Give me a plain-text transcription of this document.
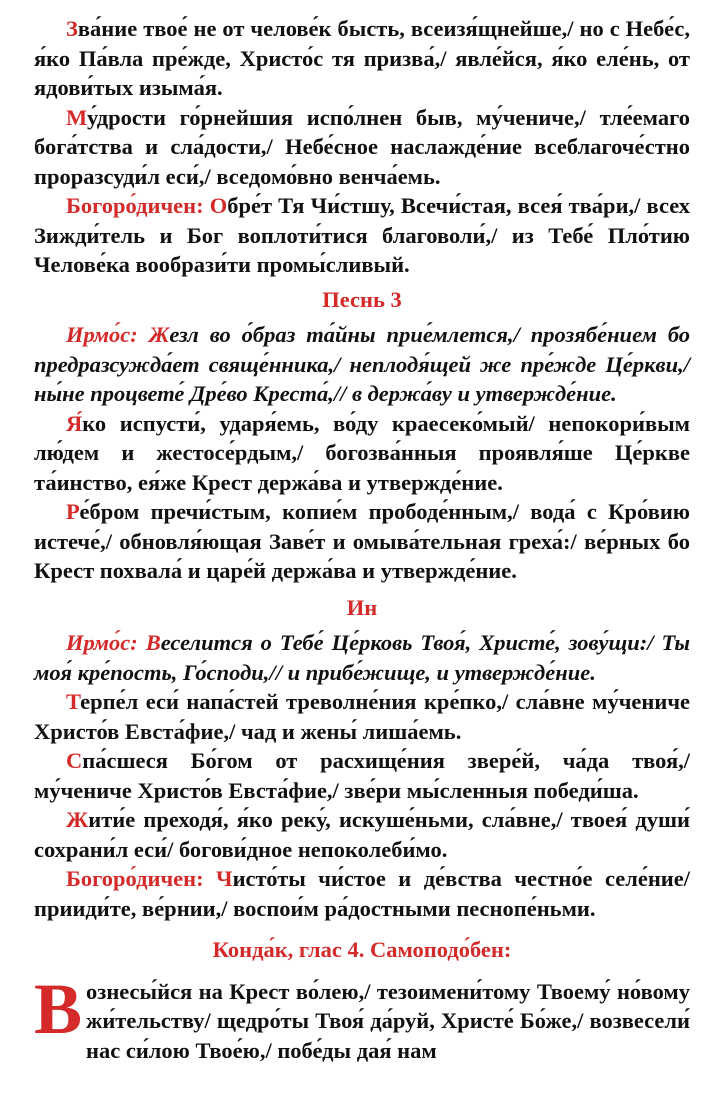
Зва́ние твое́ не от челове́к бысть, всеизя́щнейше,/ но с Небе́с, я́ко Па́вла пре́жде, Христо́с тя призва́,/ явле́йся, я́ко еле́нь, от ядови́тых изыма́я.

Му́дрости го́рнейшия испо́лнен быв, му́чениче,/ тле́емаго бога́тства и сла́дости,/ Небе́сное наслажде́ние всеблагоче́стно проразсуди́л еси́,/ вседомо́вно венча́емь.

Богоро́дичен: Обре́т Тя Чи́стшу, Всечи́стая, всея́ тва́ри,/ всех Зижди́тель и Бог воплоти́тися благоволи́,/ из Тебе́ Пло́тию Челове́ка вообрази́ти промы́сливый.

Песнь 3

Ирмо́с: Жезл во о́браз та́йны прие́млется,/ прозябе́нием бо предразсужда́ет свяще́нника,/ неплодя́щей же пре́жде Це́ркви,/ ны́не процвете́ Дре́во Креста́,// в держа́ву и утвержде́ние.

Я́ко испусти́, ударя́емь, во́ду краесеко́мый/ непокори́вым лю́дем и жестосе́рдым,/ богозва́нныя проявля́ше Це́ркве та́инство, ея́же Крест держа́ва и утвержде́ние.

Ре́бром пречи́стым, копие́м прободе́нным,/ вода́ с Кро́вию истече́,/ обновля́ющая Заве́т и омыва́тельная греха́:/ ве́рных бо Крест похвала́ и царе́й держа́ва и утвержде́ние.

Ин

Ирмо́с: Веселится о Тебе́ Це́рковь Твоя́, Христе́, зову́щи:/ Ты моя́ кре́пость, Го́споди,// и прибе́жище, и утвержде́ние.

Терпе́л еси́ напа́стей треволне́ния кре́пко,/ сла́вне му́чениче Христо́в Евста́фие,/ чад и жены́ лиша́емь.

Спа́сшеся Бо́гом от расхище́ния звере́й, ча́да твоя́,/ му́чениче Христо́в Евста́фие,/ зве́ри мы́сленныя победи́ша.

Жити́е преходя́, я́ко реку́, искуше́ньми, сла́вне,/ твоея́ души́ сохрани́л еси́/ богови́дное непоколеби́мо.

Богоро́дичен: Чисто́ты чи́стое и де́вства честно́е селе́ние/ прииди́те, ве́рнии,/ воспои́м ра́достными песнопе́ньми.

Конда́к, глас 4. Самоподо́бен:

Вознесы́йся на Крест во́лею,/ тезоимени́тому Твоему́ но́вому жи́тельству/ щедро́ты Твоя́ да́руй, Христе́ Бо́же,/ возвесели́ нас си́лою Твое́ю,/ побе́ды дая́ нам
